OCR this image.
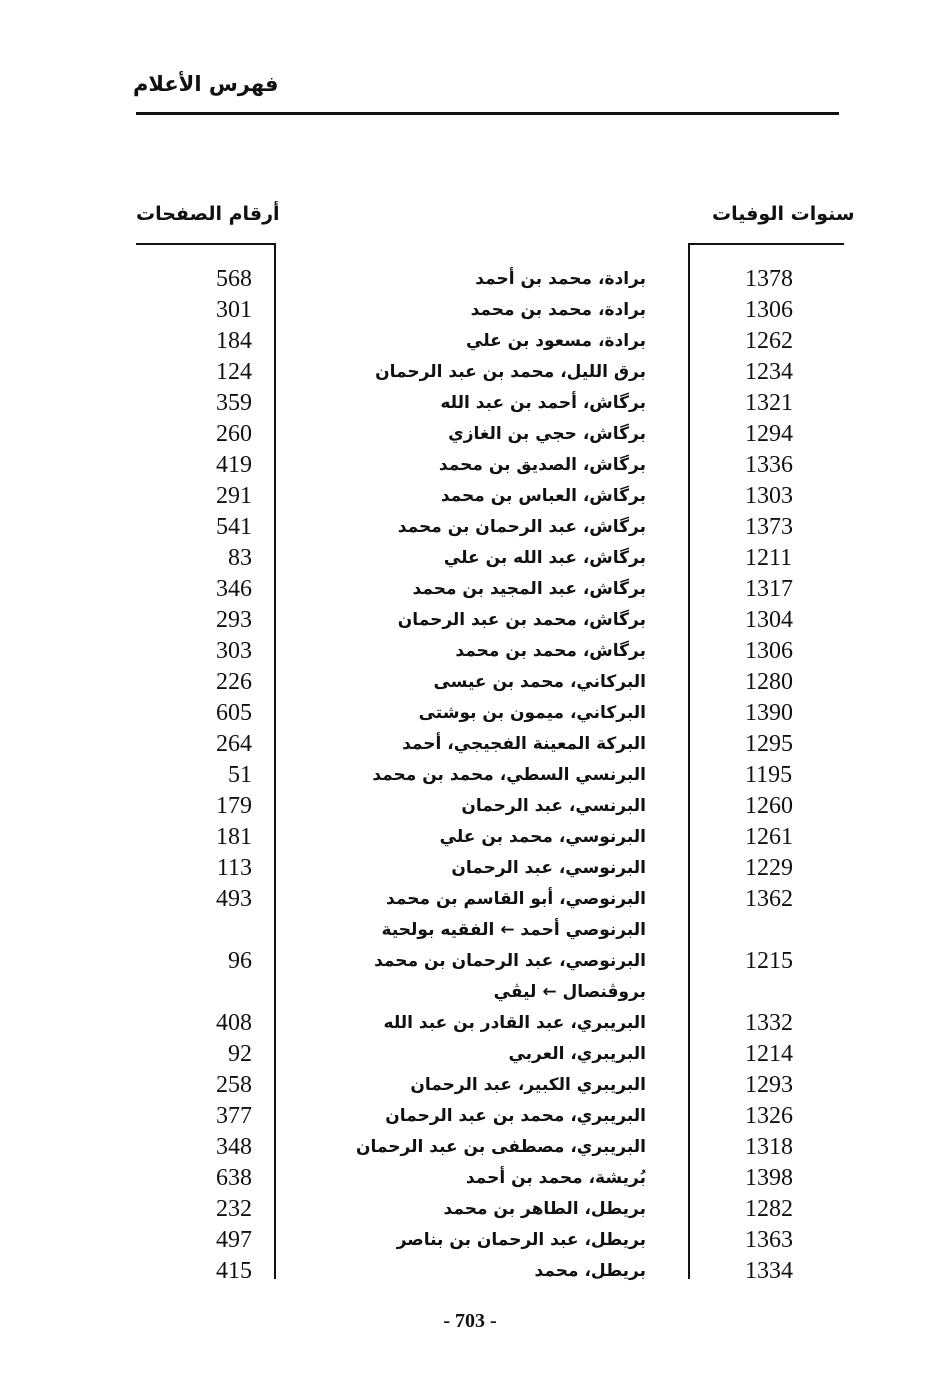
فهرس الأعلام
أرقام الصفحات	سنوات الوفيات
568	برادة، محمد بن أحمد	1378
301	برادة، محمد بن محمد	1306
184	برادة، مسعود بن علي	1262
124	برق الليل، محمد بن عبد الرحمان	1234
359	برگاش، أحمد بن عبد الله	1321
260	برگاش، حجي بن الغازي	1294
419	برگاش، الصديق بن محمد	1336
291	برگاش، العباس بن محمد	1303
541	برگاش، عبد الرحمان بن محمد	1373
83	برگاش، عبد الله بن علي	1211
346	برگاش، عبد المجيد بن محمد	1317
293	برگاش، محمد بن عبد الرحمان	1304
303	برگاش، محمد بن محمد	1306
226	البركاني، محمد بن عيسى	1280
605	البركاني، ميمون بن بوشتى	1390
264	البركة المعينة الفجيجي، أحمد	1295
51	البرنسي السطي، محمد بن محمد	1195
179	البرنسي، عبد الرحمان	1260
181	البرنوسي، محمد بن علي	1261
113	البرنوسي، عبد الرحمان	1229
493	البرنوصي، أبو القاسم بن محمد	1362
البرنوصي أحمد ← الفقيه بولحية
96	البرنوصي، عبد الرحمان بن محمد	1215
بروڤنصال ← ليڤي
408	البريبري، عبد القادر بن عبد الله	1332
92	البريبري، العربي	1214
258	البريبري الكبير، عبد الرحمان	1293
377	البريبري، محمد بن عبد الرحمان	1326
348	البريبري، مصطفى بن عبد الرحمان	1318
638	بُريشة، محمد بن أحمد	1398
232	بريطل، الطاهر بن محمد	1282
497	بريطل، عبد الرحمان بن بناصر	1363
415	بريطل، محمد	1334
- 703 -
